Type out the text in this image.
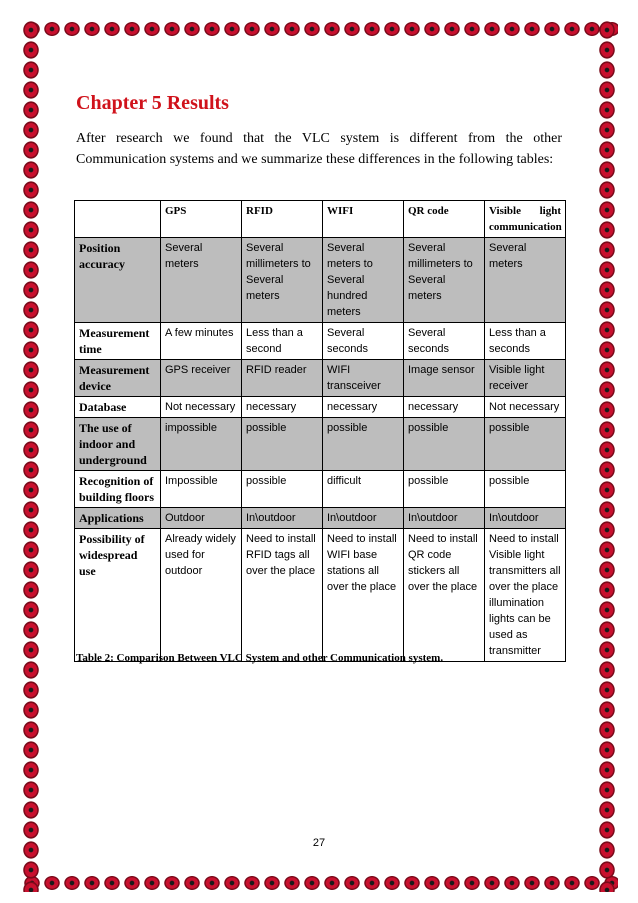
Chapter 5 Results
After research we found that the VLC system is different from the other Communication systems and we summarize these differences in the following tables:
	GPS	RFID	WIFI	QR code	Visible light communication
Position accuracy	Several meters	Several millimeters to Several meters	Several meters to Several hundred meters	Several millimeters to Several meters	Several meters
Measurement time	A few minutes	Less than a second	Several seconds	Several seconds	Less than a seconds
Measurement device	GPS receiver	RFID reader	WIFI transceiver	Image sensor	Visible light receiver
Database	Not necessary	necessary	necessary	necessary	Not necessary
The use of indoor and underground	impossible	possible	possible	possible	possible
Recognition of building floors	Impossible	possible	difficult	possible	possible
Applications	Outdoor	In\outdoor	In\outdoor	In\outdoor	In\outdoor
Possibility of widespread use	Already widely used for outdoor	Need to install RFID tags all over the place	Need to install WIFI base stations all over the place	Need to install QR code stickers all over the place	Need to install Visible light transmitters all over the place illumination lights can be used as transmitter
Table 2: Comparison Between VLC System and other Communication system.
27
